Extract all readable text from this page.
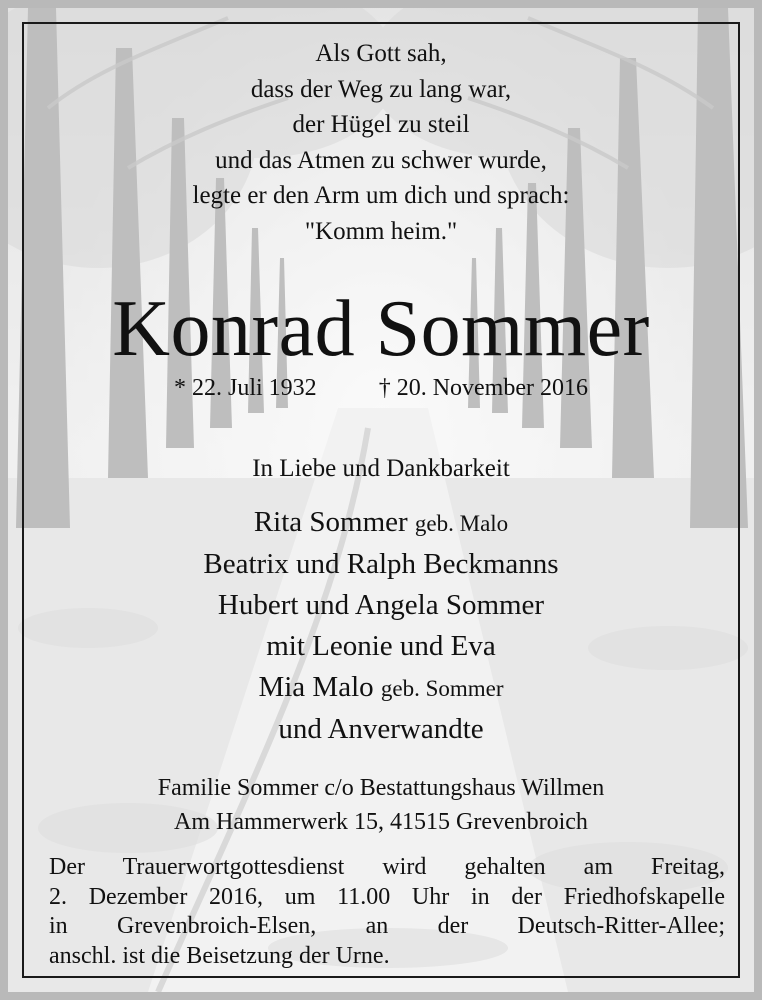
Als Gott sah,
dass der Weg zu lang war,
der Hügel zu steil
und das Atmen zu schwer wurde,
legte er den Arm um dich und sprach:
"Komm heim."
Konrad Sommer
* 22. Juli 1932	† 20. November 2016
In Liebe und Dankbarkeit
Rita Sommer geb. Malo
Beatrix und Ralph Beckmanns
Hubert und Angela Sommer
mit Leonie und Eva
Mia Malo geb. Sommer
und Anverwandte
Familie Sommer c/o Bestattungshaus Willmen
Am Hammerwerk 15, 41515 Grevenbroich
Der Trauerwortgottesdienst wird gehalten am Freitag,
2. Dezember 2016, um 11.00 Uhr in der Friedhofskapelle
in Grevenbroich-Elsen, an der Deutsch-Ritter-Allee;
anschl. ist die Beisetzung der Urne.
